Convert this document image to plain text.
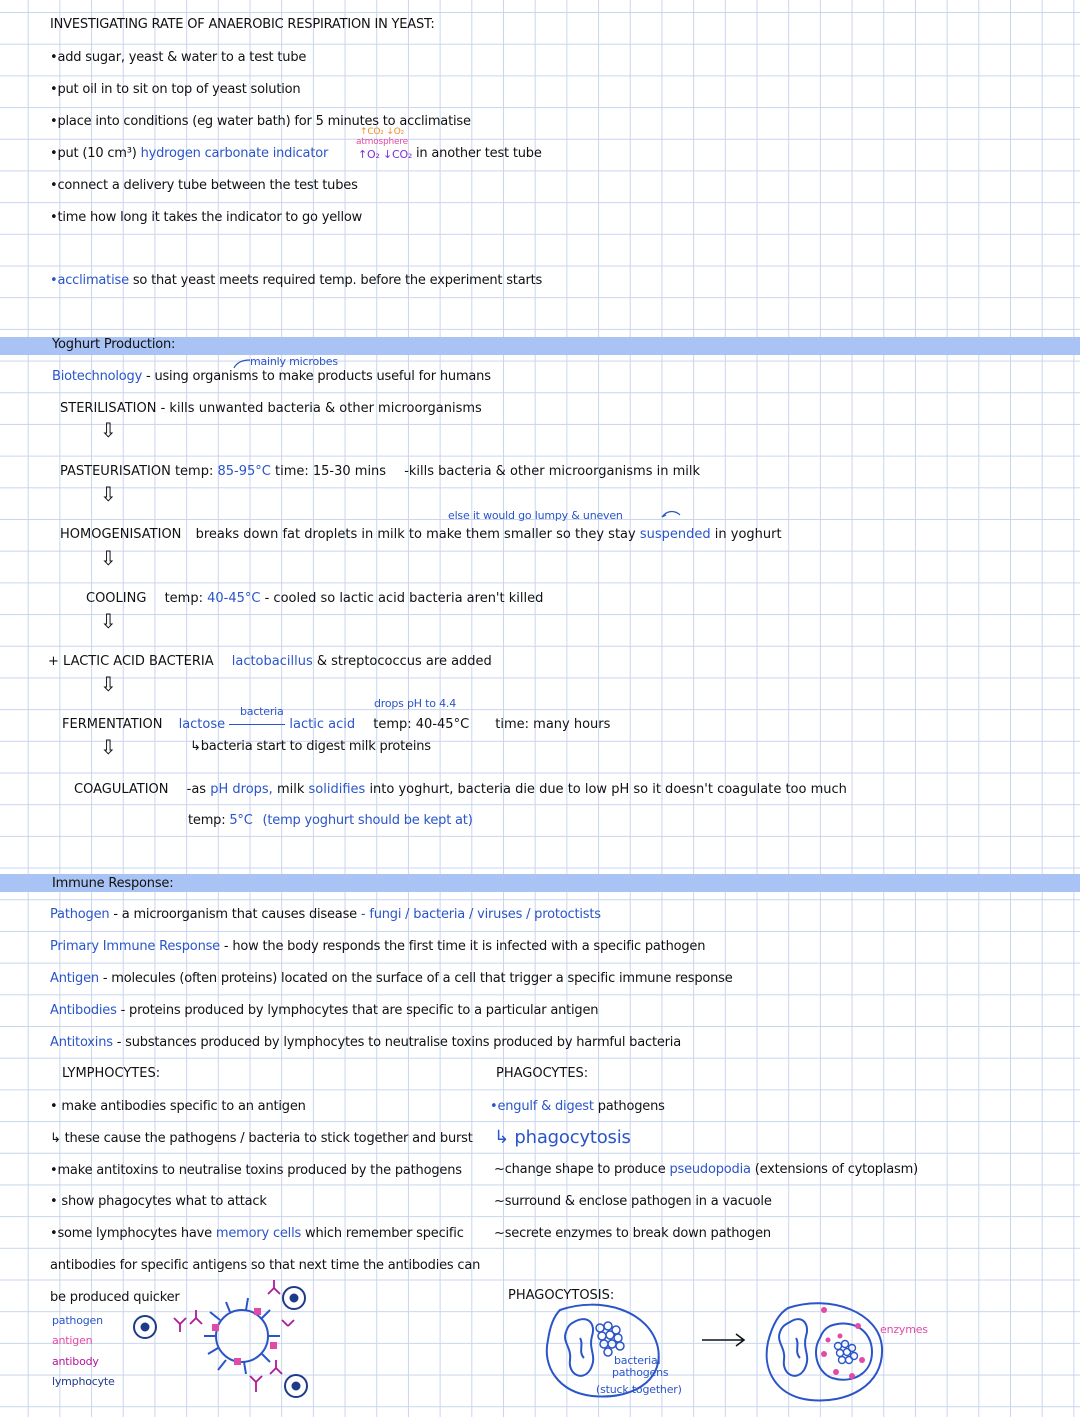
INVESTIGATING RATE OF ANAEROBIC RESPIRATION IN YEAST:
•add sugar, yeast & water to a test tube
•put oil in to sit on top of yeast solution
•place into conditions (eg water bath) for 5 minutes to acclimatise
•put (10 cm³) hydrogen carbonate indicator	in another test tube
↑CO₂ ↓O₂
atmosphere
↑O₂ ↓CO₂
•connect a delivery tube between the test tubes
•time how long it takes the indicator to go yellow
•acclimatise so that yeast meets required temp. before the experiment starts
Yoghurt Production:
mainly microbes
Biotechnology - using organisms to make products useful for humans
STERILISATION - kills unwanted bacteria & other microorganisms
⇩
PASTEURISATION temp: 85-95°C time: 15-30 mins -kills bacteria & other microorganisms in milk
⇩
else it would go lumpy & uneven
HOMOGENISATION breaks down fat droplets in milk to make them smaller so they stay suspended in yoghurt
⇩
COOLING temp: 40-45°C - cooled so lactic acid bacteria aren't killed
⇩
+ LACTIC ACID BACTERIA lactobacillus & streptococcus are added
⇩
bacteria
drops pH to 4.4
FERMENTATION lactose	lactic acid temp: 40-45°C time: many hours
↳bacteria start to digest milk proteins
⇩
COAGULATION -as pH drops, milk solidifies into yoghurt, bacteria die due to low pH so it doesn't coagulate too much
temp: 5°C (temp yoghurt should be kept at)
Immune Response:
Pathogen - a microorganism that causes disease - fungi / bacteria / viruses / protoctists
Primary Immune Response - how the body responds the first time it is infected with a specific pathogen
Antigen - molecules (often proteins) located on the surface of a cell that trigger a specific immune response
Antibodies - proteins produced by lymphocytes that are specific to a particular antigen
Antitoxins - substances produced by lymphocytes to neutralise toxins produced by harmful bacteria
LYMPHOCYTES:
• make antibodies specific to an antigen
↳ these cause the pathogens / bacteria to stick together and burst
•make antitoxins to neutralise toxins produced by the pathogens
• show phagocytes what to attack
•some lymphocytes have memory cells which remember specific
antibodies for specific antigens so that next time the antibodies can
be produced quicker
PHAGOCYTES:
•engulf & digest pathogens
↳ phagocytosis
~change shape to produce pseudopodia (extensions of cytoplasm)
~surround & enclose pathogen in a vacuole
~secrete enzymes to break down pathogen
pathogen
antigen
antibody
lymphocyte
PHAGOCYTOSIS:
bacterial
pathogens
(stuck together)
enzymes
